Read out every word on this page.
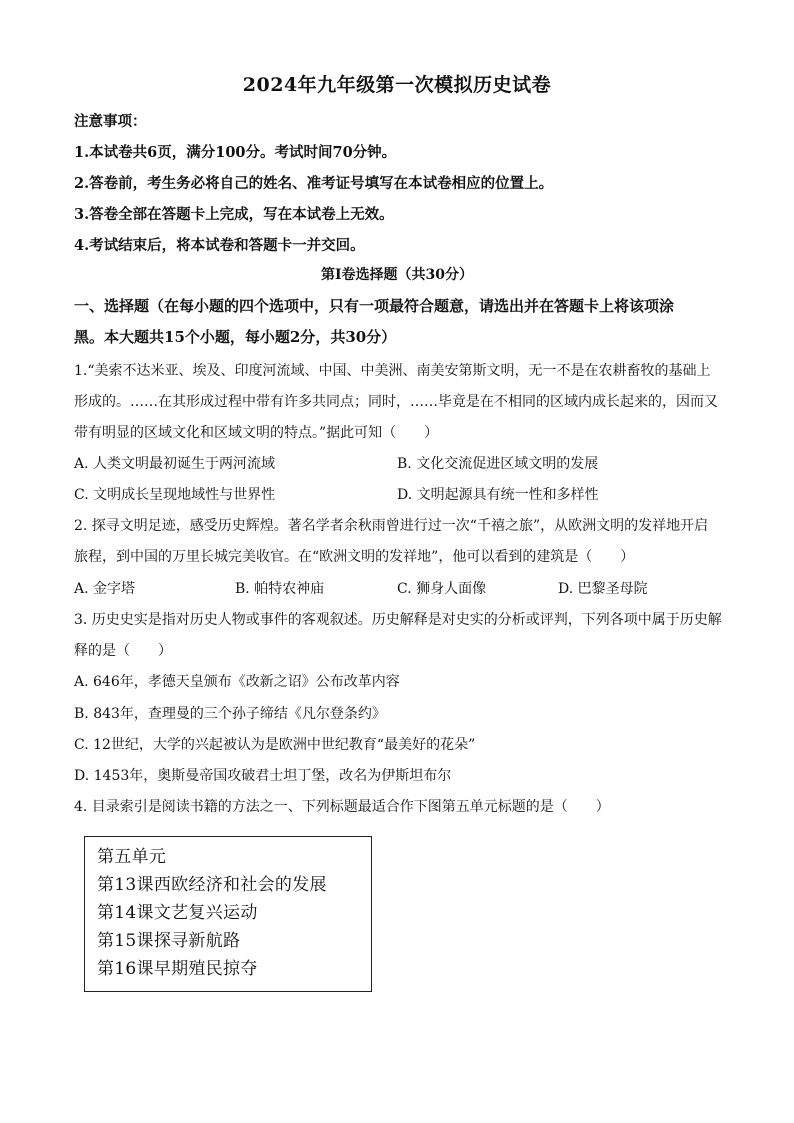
2024年九年级第一次模拟历史试卷
注意事项：
1.本试卷共6页，满分100分。考试时间70分钟。
2.答卷前，考生务必将自己的姓名、准考证号填写在本试卷相应的位置上。
3.答卷全部在答题卡上完成，写在本试卷上无效。
4.考试结束后，将本试卷和答题卡一并交回。
第Ⅰ卷选择题（共30分）
一、选择题（在每小题的四个选项中，只有一项最符合题意，请选出并在答题卡上将该项涂
黑。本大题共15个小题，每小题2分，共30分）
1.“美索不达米亚、埃及、印度河流域、中国、中美洲、南美安第斯文明，无一不是在农耕畜牧的基础上
形成的。……在其形成过程中带有许多共同点；同时，……毕竟是在不相同的区域内成长起来的，因而又
带有明显的区域文化和区域文明的特点。”据此可知（　　）
A. 人类文明最初诞生于两河流域	B. 文化交流促进区域文明的发展
C. 文明成长呈现地域性与世界性	D. 文明起源具有统一性和多样性
2. 探寻文明足迹，感受历史辉煌。著名学者余秋雨曾进行过一次“千禧之旅”，从欧洲文明的发祥地开启
旅程，到中国的万里长城完美收官。在“欧洲文明的发祥地”，他可以看到的建筑是（　　）
A. 金字塔	B. 帕特农神庙	C. 狮身人面像	D. 巴黎圣母院
3. 历史史实是指对历史人物或事件的客观叙述。历史解释是对史实的分析或评判，下列各项中属于历史解
释的是（　　）
A. 646年，孝德天皇颁布《改新之诏》公布改革内容
B. 843年，查理曼的三个孙子缔结《凡尔登条约》
C. 12世纪，大学的兴起被认为是欧洲中世纪教育“最美好的花朵”
D. 1453年，奥斯曼帝国攻破君士坦丁堡，改名为伊斯坦布尔
4. 目录索引是阅读书籍的方法之一、下列标题最适合作下图第五单元标题的是（　　）
第五单元
第13课西欧经济和社会的发展
第14课文艺复兴运动
第15课探寻新航路
第16课早期殖民掠夺
